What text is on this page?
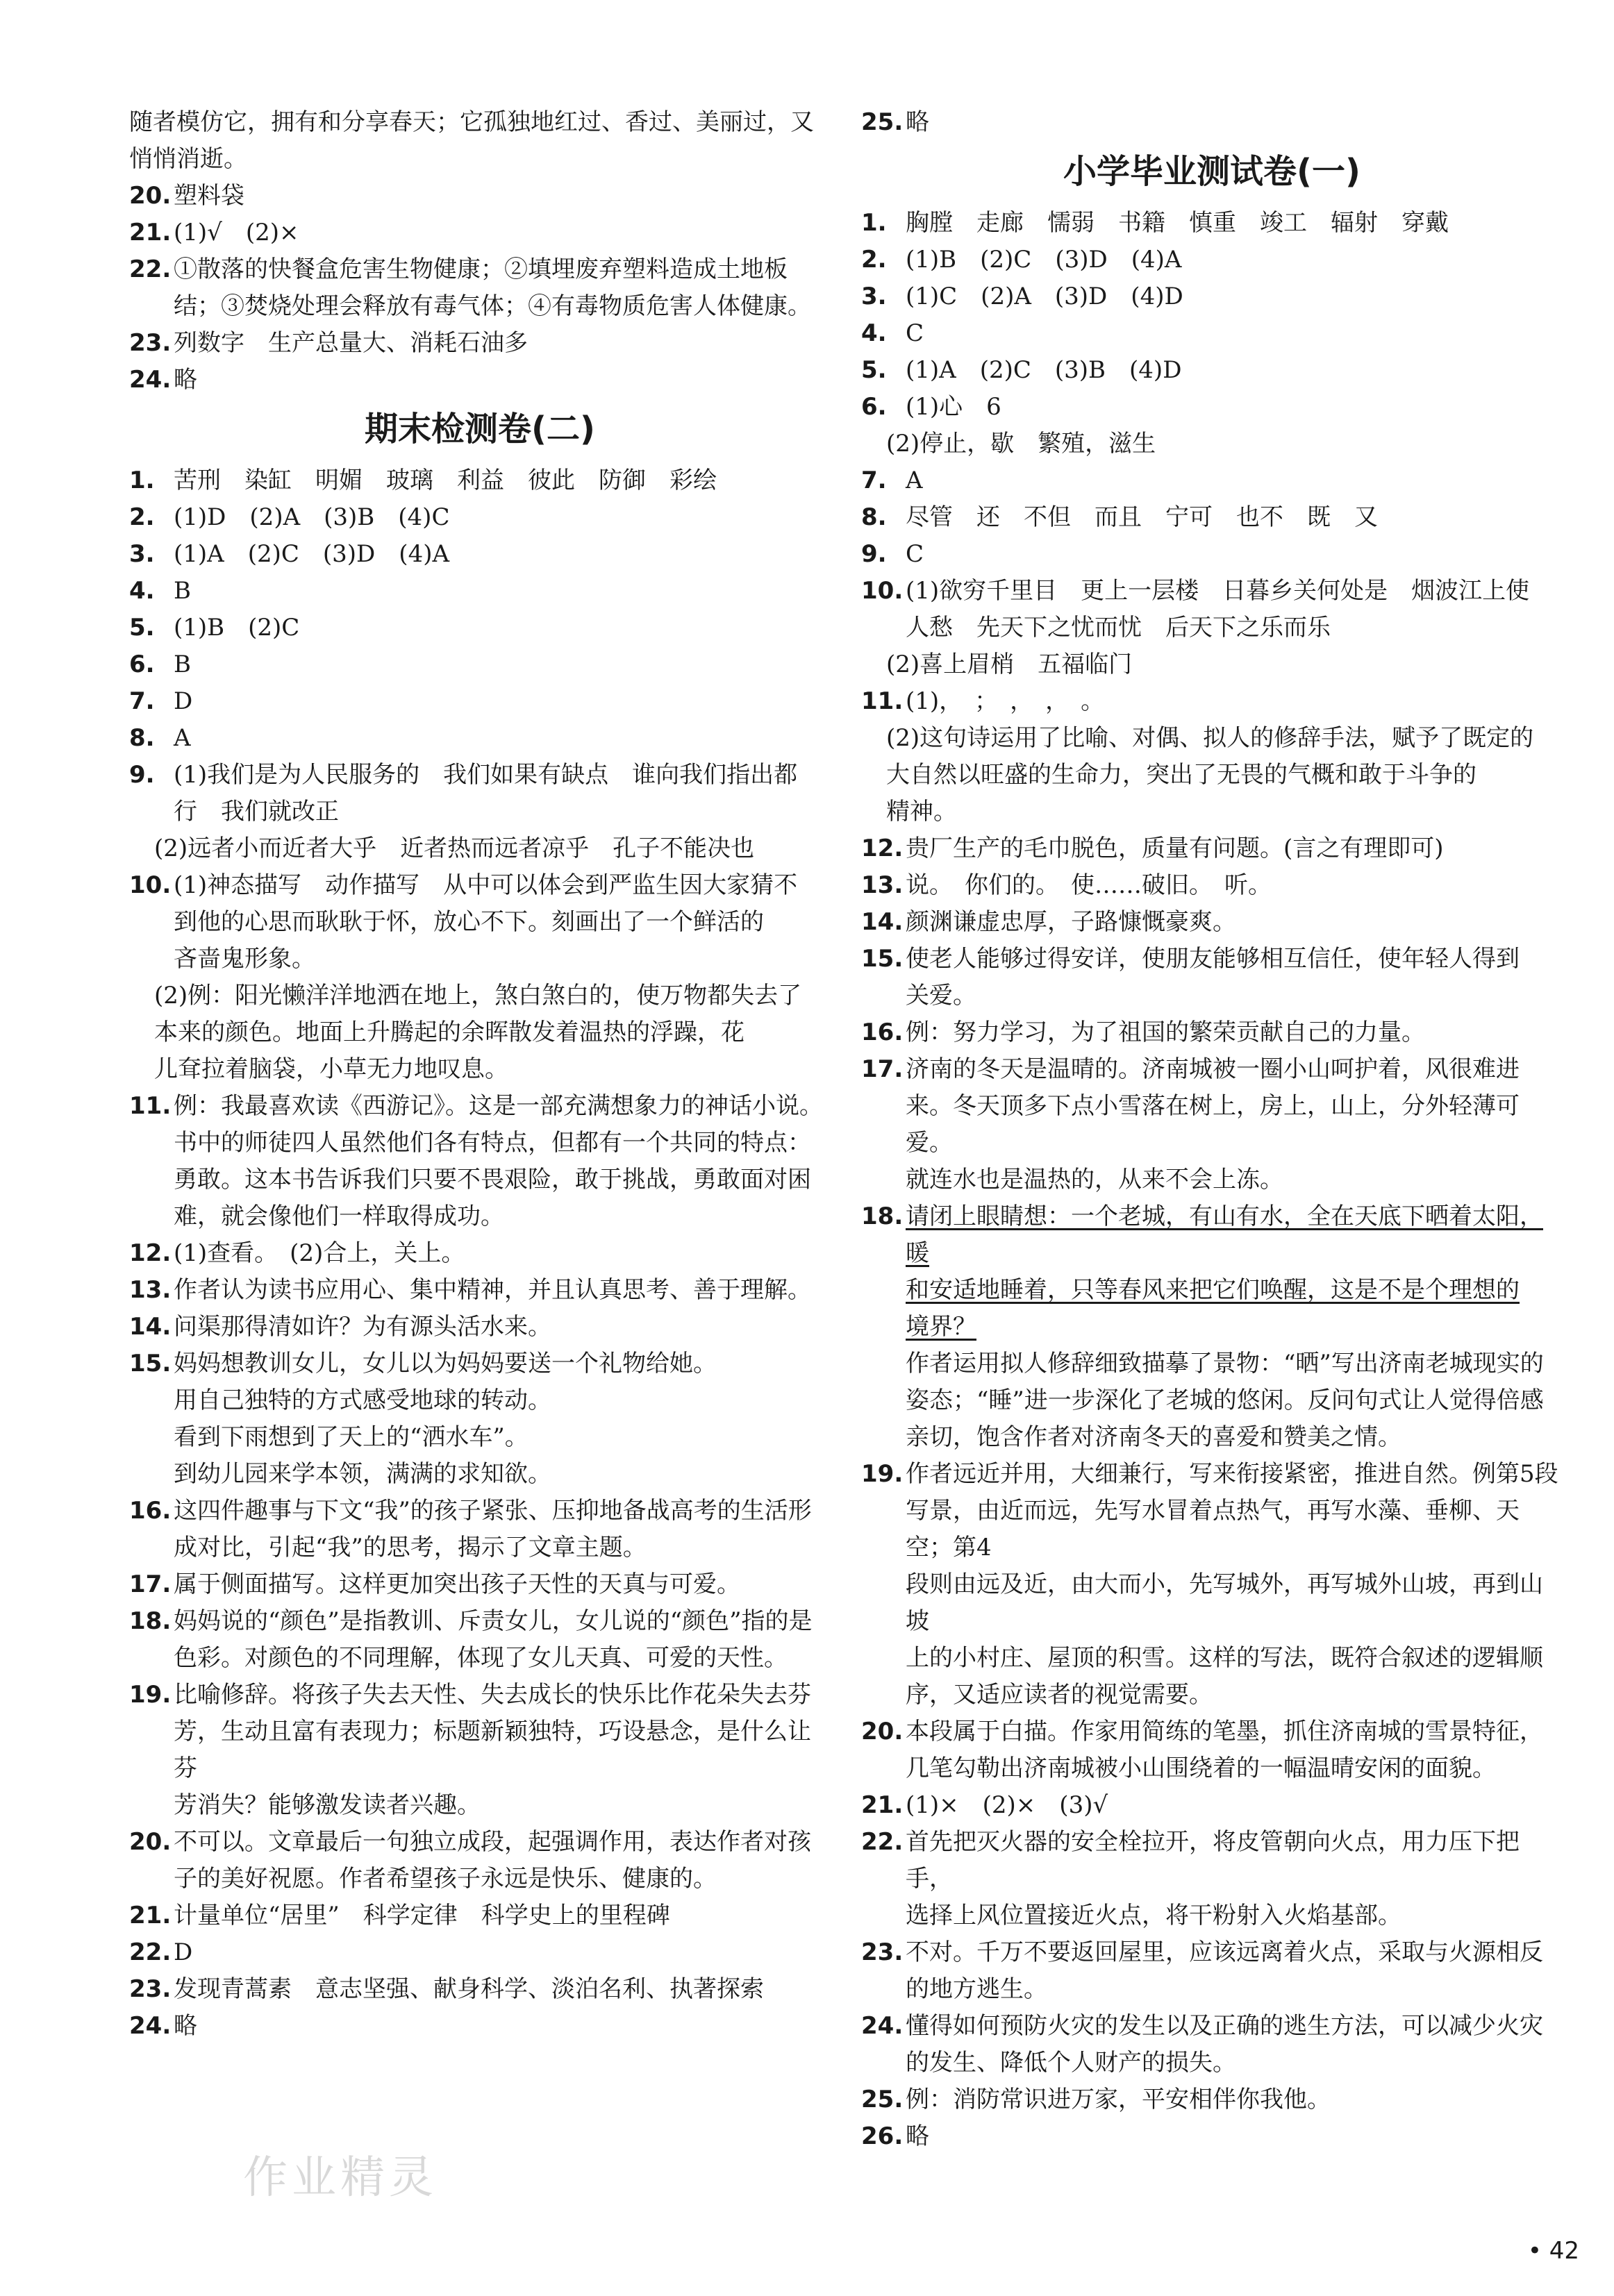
随者模仿它，拥有和分享春天；它孤独地红过、香过、美丽过，又
悄悄消逝。
20. 塑料袋
21. (1)√　(2)×
22. ①散落的快餐盒危害生物健康；②填埋废弃塑料造成土地板
结；③焚烧处理会释放有毒气体；④有毒物质危害人体健康。
23. 列数字　生产总量大、消耗石油多
24. 略
期末检测卷(二)
1. 苦刑　染缸　明媚　玻璃　利益　彼此　防御　彩绘
2. (1)D　(2)A　(3)B　(4)C
3. (1)A　(2)C　(3)D　(4)A
4. B
5. (1)B　(2)C
6. B
7. D
8. A
9. (1)我们是为人民服务的　我们如果有缺点　谁向我们指出都
行　我们就改正
(2)远者小而近者大乎　近者热而远者凉乎　孔子不能决也
10. (1)神态描写　动作描写　从中可以体会到严监生因大家猜不
到他的心思而耿耿于怀，放心不下。刻画出了一个鲜活的
吝啬鬼形象。
(2)例：阳光懒洋洋地洒在地上，煞白煞白的，使万物都失去了
本来的颜色。地面上升腾起的余晖散发着温热的浮躁，花
儿耷拉着脑袋，小草无力地叹息。
11. 例：我最喜欢读《西游记》。这是一部充满想象力的神话小说。
书中的师徒四人虽然他们各有特点，但都有一个共同的特点：
勇敢。这本书告诉我们只要不畏艰险，敢于挑战，勇敢面对困
难，就会像他们一样取得成功。
12. (1)查看。　(2)合上，关上。
13. 作者认为读书应用心、集中精神，并且认真思考、善于理解。
14. 问渠那得清如许？为有源头活水来。
15. 妈妈想教训女儿，女儿以为妈妈要送一个礼物给她。
用自己独特的方式感受地球的转动。
看到下雨想到了天上的“洒水车”。
到幼儿园来学本领，满满的求知欲。
16. 这四件趣事与下文“我”的孩子紧张、压抑地备战高考的生活形
成对比，引起“我”的思考，揭示了文章主题。
17. 属于侧面描写。这样更加突出孩子天性的天真与可爱。
18. 妈妈说的“颜色”是指教训、斥责女儿，女儿说的“颜色”指的是
色彩。对颜色的不同理解，体现了女儿天真、可爱的天性。
19. 比喻修辞。将孩子失去天性、失去成长的快乐比作花朵失去芬
芳，生动且富有表现力；标题新颖独特，巧设悬念，是什么让芬
芳消失？能够激发读者兴趣。
20. 不可以。文章最后一句独立成段，起强调作用，表达作者对孩
子的美好祝愿。作者希望孩子永远是快乐、健康的。
21. 计量单位“居里”　科学定律　科学史上的里程碑
22. D
23. 发现青蒿素　意志坚强、献身科学、淡泊名利、执著探索
24. 略
25. 略
小学毕业测试卷(一)
1. 胸膛　走廊　懦弱　书籍　慎重　竣工　辐射　穿戴
2. (1)B　(2)C　(3)D　(4)A
3. (1)C　(2)A　(3)D　(4)D
4. C
5. (1)A　(2)C　(3)B　(4)D
6. (1)心　6
(2)停止，歇　繁殖，滋生
7. A
8. 尽管　还　不但　而且　宁可　也不　既　又
9. C
10. (1)欲穷千里目　更上一层楼　日暮乡关何处是　烟波江上使
人愁　先天下之忧而忧　后天下之乐而乐
(2)喜上眉梢　五福临门
11. (1)，　；　，　，　。
(2)这句诗运用了比喻、对偶、拟人的修辞手法，赋予了既定的
大自然以旺盛的生命力，突出了无畏的气概和敢于斗争的
精神。
12. 贵厂生产的毛巾脱色，质量有问题。(言之有理即可)
13. 说。　你们的。　使……破旧。　听。
14. 颜渊谦虚忠厚，子路慷慨豪爽。
15. 使老人能够过得安详，使朋友能够相互信任，使年轻人得到
关爱。
16. 例：努力学习，为了祖国的繁荣贡献自己的力量。
17. 济南的冬天是温晴的。济南城被一圈小山呵护着，风很难进
来。冬天顶多下点小雪落在树上，房上，山上，分外轻薄可爱。
就连水也是温热的，从来不会上冻。
18. 请闭上眼睛想：一个老城，有山有水，全在天底下晒着太阳，暖
和安适地睡着，只等春风来把它们唤醒，这是不是个理想的
境界？
作者运用拟人修辞细致描摹了景物：“晒”写出济南老城现实的
姿态；“睡”进一步深化了老城的悠闲。反问句式让人觉得倍感
亲切，饱含作者对济南冬天的喜爱和赞美之情。
19. 作者远近并用，大细兼行，写来衔接紧密，推进自然。例第5段
写景，由近而远，先写水冒着点热气，再写水藻、垂柳、天空；第4
段则由远及近，由大而小，先写城外，再写城外山坡，再到山坡
上的小村庄、屋顶的积雪。这样的写法，既符合叙述的逻辑顺
序，又适应读者的视觉需要。
20. 本段属于白描。作家用简练的笔墨，抓住济南城的雪景特征，
几笔勾勒出济南城被小山围绕着的一幅温晴安闲的面貌。
21. (1)×　(2)×　(3)√
22. 首先把灭火器的安全栓拉开，将皮管朝向火点，用力压下把手，
选择上风位置接近火点，将干粉射入火焰基部。
23. 不对。千万不要返回屋里，应该远离着火点，采取与火源相反
的地方逃生。
24. 懂得如何预防火灾的发生以及正确的逃生方法，可以减少火灾
的发生、降低个人财产的损失。
25. 例：消防常识进万家，平安相伴你我他。
26. 略
作业精灵
• 42
